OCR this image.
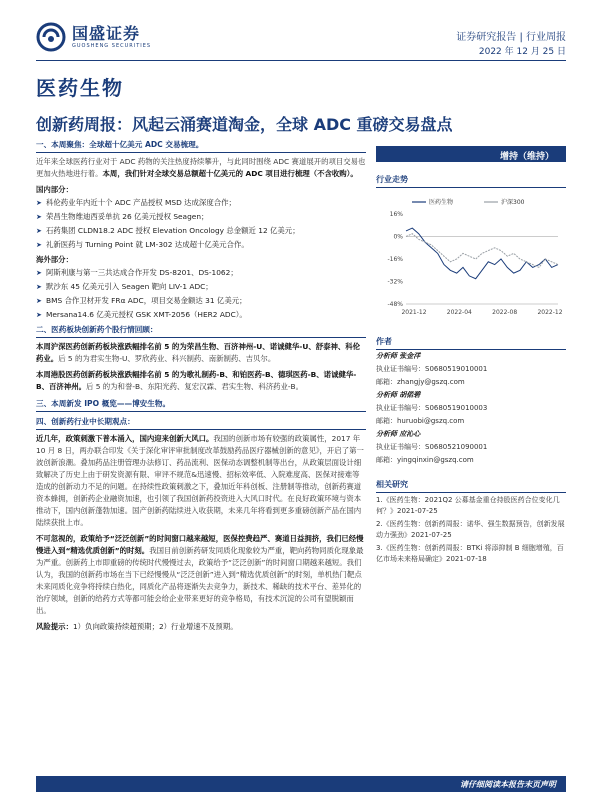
国盛证券
GUOSHENG SECURITIES
证券研究报告 | 行业周报
2022 年 12 月 25 日
医药生物
创新药周报：风起云涌赛道淘金，全球 ADC 重磅交易盘点
一、本周聚焦：全球超十亿美元 ADC 交易梳理。
近年来全球医药行业对于 ADC 药物的关注热度持续攀升，与此同时围绕 ADC 赛道展开的项目交易也更加火热地进行着。本周，我们针对全球交易总额超十亿美元的 ADC 项目进行梳理（不含收购）。
国内部分：
➤ 科伦药业年内近十个 ADC 产品授权 MSD 达成深度合作；
➤ 荣昌生物维迪西妥单抗 26 亿美元授权 Seagen；
➤ 石药集团 CLDN18.2 ADC 授权 Elevation Oncology 总金额近 12 亿美元；
➤ 礼新医药与 Turning Point 就 LM-302 达成超十亿美元合作。
海外部分：
➤ 阿斯利康与第一三共达成合作开发 DS-8201、DS-1062；
➤ 默沙东 45 亿美元引入 Seagen 靶向 LIV-1 ADC；
➤ BMS 合作卫材开发 FRα ADC，项目交易金额达 31 亿美元；
➤ Mersana14.6 亿美元授权 GSK XMT-2056（HER2 ADC）。
二、医药板块创新药个股行情回顾：
本周沪深医药创新药板块涨跌幅排名前 5 的为荣昌生物、百济神州-U、诺诚健华-U、舒泰神、科伦药业。后 5 的为君实生物-U、罗欣药业、科兴制药、南新制药、吉贝尔。
本周港股医药创新药板块涨跌幅排名前 5 的为歌礼制药-B、和铂医药-B、德琪医药-B、诺诚健华-B、百济神州。后 5 的为和誉-B、东阳光药、复宏汉霖、君实生物、科济药业-B。
三、本周新发 IPO 概览——博安生物。
四、创新药行业中长期观点：
近几年，政策刺激下普本涌入，国内迎来创新大风口。我国的创新市场有较强的政策属性，2017 年 10 月 8 日，两办联合印发《关于深化审评审批制度改革鼓励药品医疗器械创新的意见》，开启了第一波创新浪潮。叠加药品注册管理办法修订、药品流利、医保动态调整机制等出台，从政策层面设计细致解决了历史上由于研发资源有限、审评不规范&迅速慢、招标效率低、入院难度高、医保对接难等造成的创新动力不足的问题。在持续性政策刺激之下，叠加近年科创板、注册制等推动，创新药赛道资本蜂拥，创新药企业融资加速，也引领了我国创新药投资进入大风口时代。在良好政策环境与资本推动下，国内创新蓬勃加速。国产创新药陆续进入收获期，未来几年将看到更多重磅创新产品在国内陆续获批上市。
不可忽视的，政策给予“泛泛创新”的时间窗口越来越短，医保控费趋严、赛道日益拥挤，我们已经慢慢进入到“精选优质创新”的时刻。我国目前创新药研发同质化现象较为严重，靶向药物同质化现象最为严重。创新药上市即重磅的传统时代慢慢过去，政策给予“泛泛创新”的时间窗口期越来越短。我们认为，我国的创新药市场在当下已经慢慢从“泛泛创新”进入到“精选优质创新”的时刻，单机热门靶点未来同质化竞争将持续白热化，同质化产品将逐渐失去竞争力，新技术、稀缺的技术平台、差异化的治疗领域，创新的给药方式等都可能会给企业带来更好的竞争格局，有技术沉淀的公司有望脱颖而出。
风险提示：1）负向政策持续超预期；2）行业增速不及预期。
增持（维持）
行业走势
16%
0%
-16%
-32%
-48%
2021-12	2022-04	2022-08	2022-12
医药生物	沪深300
作者
分析师 张金洋
执业证书编号：S0680519010001
邮箱：zhangjy@gszq.com
分析师 胡偌碧
执业证书编号：S0680519010003
邮箱：huruobi@gszq.com
分析师 应沁心
执业证书编号：S0680521090001
邮箱：yingqinxin@gszq.com
相关研究
1.《医药生物：2021Q2 公募基金重仓持股医药合位变化几何？》2021-07-25
2.《医药生物：创新药周报：诺华、强生数据预告，创新发展动力强劲》2021-07-25
3.《医药生物：创新药周报：BTKi 将添抑制 B 细胞增殖，百亿市场未来格局确定》2021-07-18
请仔细阅读本报告末页声明
